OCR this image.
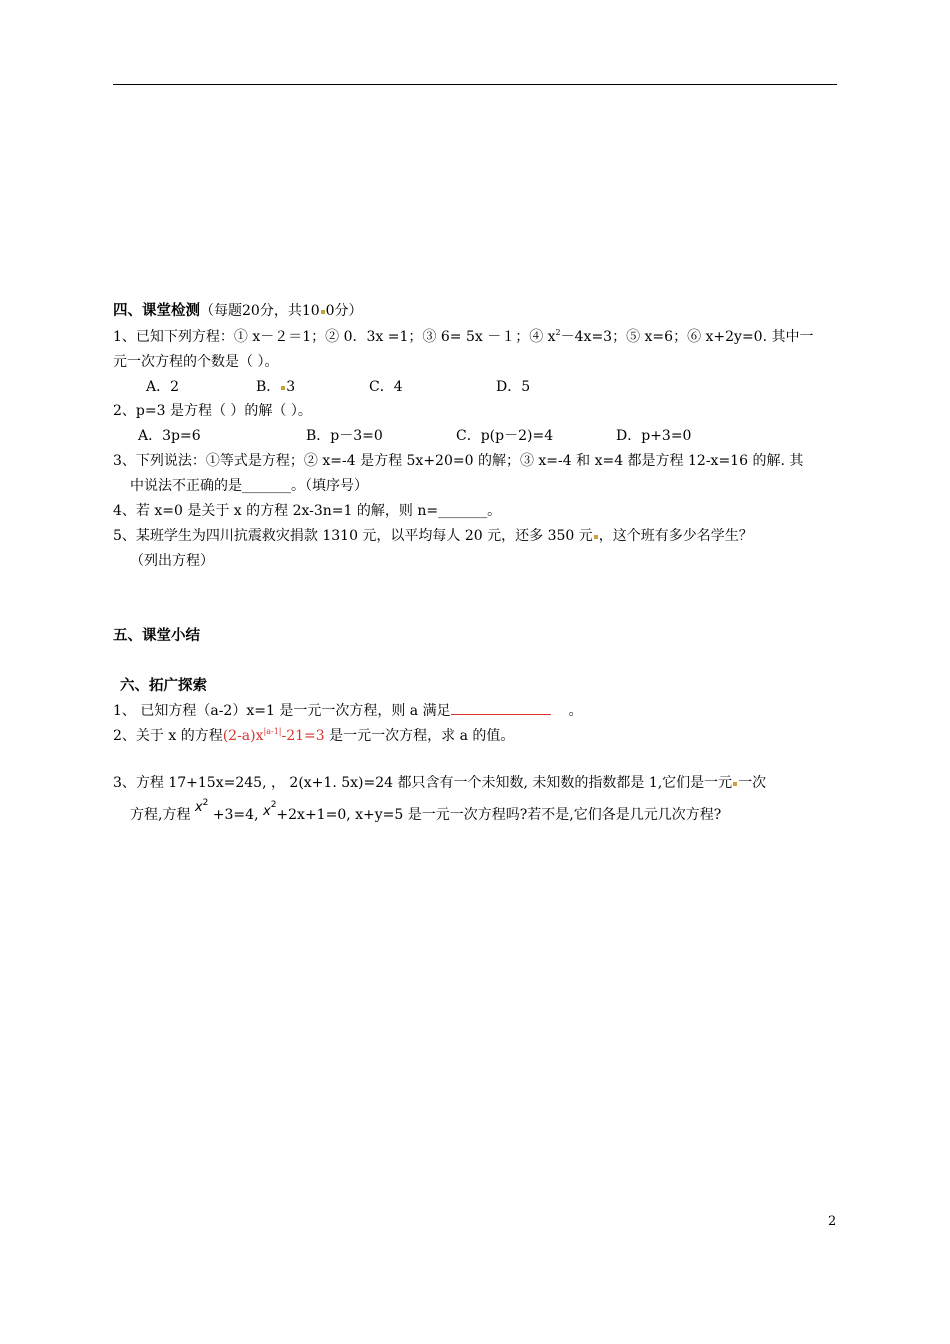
四、课堂检测（每题20分，共10 0分）
1、已知下列方程：① x－２＝1；② 0．3x =1；③ 6= 5x －１；④ $x^2-4x=3$；⑤ x=6；⑥ x+2y=0. 其中一
元一次方程的个数是（ ）。
A．2	B． 3	C．4	D．5
2、p=3 是方程（ ）的解（ ）。
A．3p=6	B．p－3=0	C．p(p－2)=4	D．p+3=0
3、下列说法：①等式是方程；② x=-4 是方程 5x+20=0 的解；③ x=-4 和 x=4 都是方程 12-x=16 的解. 其
中说法不正确的是_______。（填序号）
4、若 x=0 是关于 x 的方程 2x-3n=1 的解，则 n=_______。
5、某班学生为四川抗震救灾捐款 1310 元，以平均每人 20 元，还多 350 元 ，这个班有多少名学生？
（列出方程）
五、课堂小结
六、拓广探索
1、 已知方程（a-2）x=1 是一元一次方程，则 a 满足	。
2、关于 x 的方程$(2-a)x^{|a-1|}-21=3$ 是一元一次方程，求 a 的值。
3、方程 17+15x=245, ， 2(x+1. 5x)=24 都只含有一个未知数, 未知数的指数都是 1,它们是一元 一次
方程,方程 $x^2 +3=4$, $x^2+2x+1=0$, x+y=5 是一元一次方程吗?若不是,它们各是几元几次方程?
2
